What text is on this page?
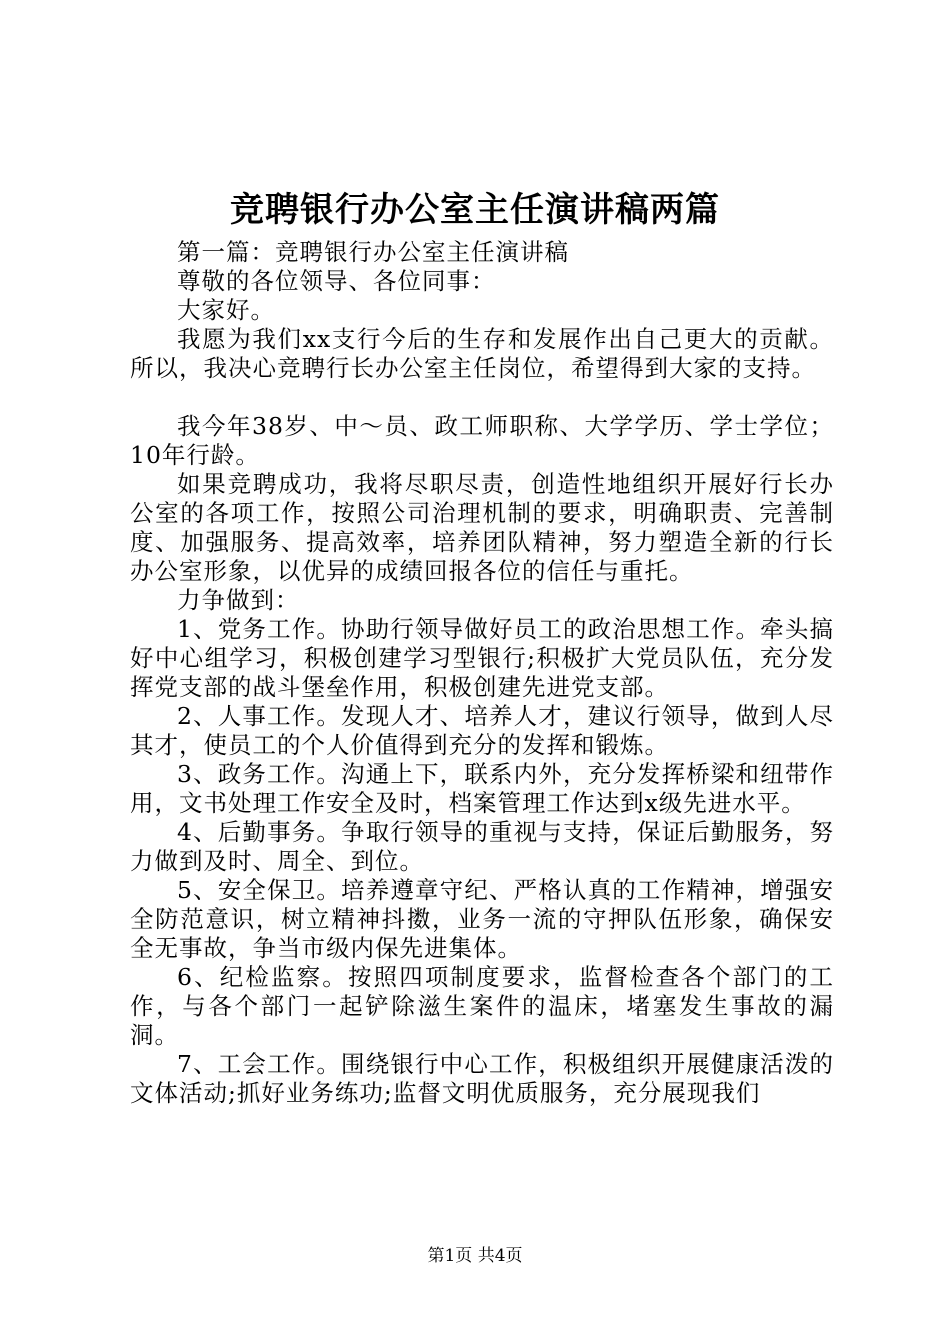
竞聘银行办公室主任演讲稿两篇

第一篇：竞聘银行办公室主任演讲稿

尊敬的各位领导、各位同事：

大家好。

我愿为我们xx支行今后的生存和发展作出自己更大的贡献。所以，我决心竞聘行长办公室主任岗位，希望得到大家的支持。

我今年38岁、中～员、政工师职称、大学学历、学士学位；10年行龄。

如果竞聘成功，我将尽职尽责，创造性地组织开展好行长办公室的各项工作，按照公司治理机制的要求，明确职责、完善制度、加强服务、提高效率，培养团队精神，努力塑造全新的行长办公室形象，以优异的成绩回报各位的信任与重托。

力争做到：

1、党务工作。协助行领导做好员工的政治思想工作。牵头搞好中心组学习，积极创建学习型银行;积极扩大党员队伍，充分发挥党支部的战斗堡垒作用，积极创建先进党支部。

2、人事工作。发现人才、培养人才，建议行领导，做到人尽其才，使员工的个人价值得到充分的发挥和锻炼。

3、政务工作。沟通上下，联系内外，充分发挥桥梁和纽带作用，文书处理工作安全及时，档案管理工作达到x级先进水平。

4、后勤事务。争取行领导的重视与支持，保证后勤服务，努力做到及时、周全、到位。

5、安全保卫。培养遵章守纪、严格认真的工作精神，增强安全防范意识，树立精神抖擞，业务一流的守押队伍形象，确保安全无事故，争当市级内保先进集体。

6、纪检监察。按照四项制度要求，监督检查各个部门的工作，与各个部门一起铲除滋生案件的温床，堵塞发生事故的漏洞。

7、工会工作。围绕银行中心工作，积极组织开展健康活泼的文体活动;抓好业务练功;监督文明优质服务，充分展现我们

第1页 共4页
